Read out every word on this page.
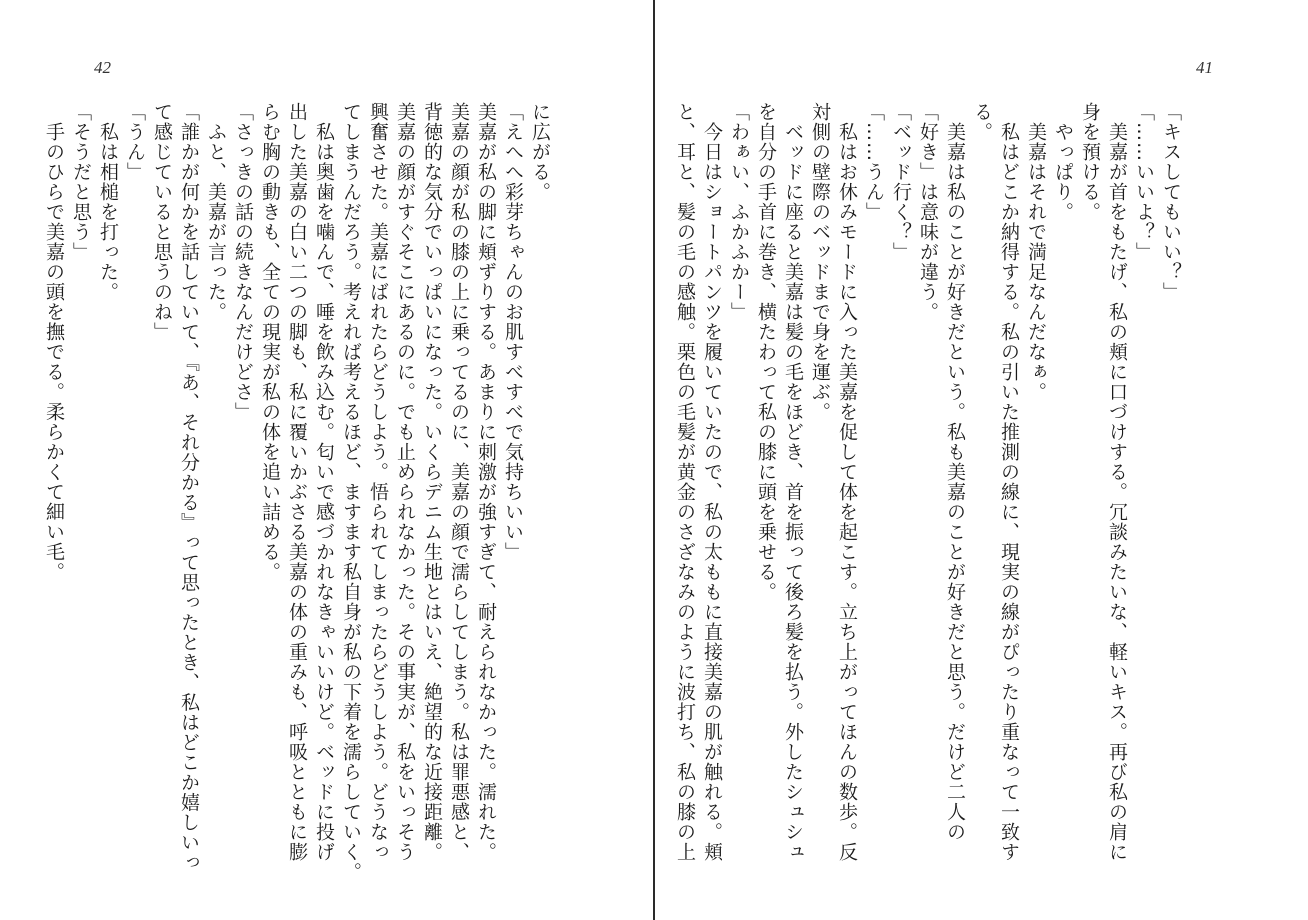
42
に広がる。
「えへへ彩芽ちゃんのお肌すべすべで気持ちいい」
美嘉が私の脚に頬ずりする。あまりに刺激が強すぎて、耐えられなかった。濡れた。
美嘉の顔が私の膝の上に乗ってるのに、美嘉の顔で濡らしてしまう。私は罪悪感と、
背徳的な気分でいっぱいになった。いくらデニム生地とはいえ、絶望的な近接距離。
美嘉の顔がすぐそこにあるのに。でも止められなかった。その事実が、私をいっそう
興奮させた。美嘉にばれたらどうしよう。悟られてしまったらどうしよう。どうなっ
てしまうんだろう。考えれば考えるほど、ますます私自身が私の下着を濡らしていく。
　私は奥歯を噛んで、唾を飲み込む。匂いで感づかれなきゃいいけど。ベッドに投げ
出した美嘉の白い二つの脚も、私に覆いかぶさる美嘉の体の重みも、呼吸とともに膨
らむ胸の動きも、全ての現実が私の体を追い詰める。
「さっきの話の続きなんだけどさ」
　ふと、美嘉が言った。
「誰かが何かを話していて、『あ、それ分かる』って思ったとき、私はどこか嬉しいっ
て感じていると思うのね」
「うん」
　私は相槌を打った。
「そうだと思う」
　手のひらで美嘉の頭を撫でる。柔らかくて細い毛。
41
「キスしてもいい？」
「……いいよ？」
　美嘉が首をもたげ、私の頬に口づけする。冗談みたいな、軽いキス。再び私の肩に
身を預ける。
　やっぱり。
　美嘉はそれで満足なんだなぁ。
　私はどこか納得する。私の引いた推測の線に、現実の線がぴったり重なって一致す
る。
　美嘉は私のことが好きだという。私も美嘉のことが好きだと思う。だけど二人の
「好き」は意味が違う。
「ベッド行く？」
「……うん」
　私はお休みモードに入った美嘉を促して体を起こす。立ち上がってほんの数歩。反
対側の壁際のベッドまで身を運ぶ。
　ベッドに座ると美嘉は髪の毛をほどき、首を振って後ろ髪を払う。外したシュシュ
を自分の手首に巻き、横たわって私の膝に頭を乗せる。
「わぁい、ふかふかー」
　今日はショートパンツを履いていたので、私の太ももに直接美嘉の肌が触れる。頬
と、耳と、髪の毛の感触。栗色の毛髪が黄金のさざなみのように波打ち、私の膝の上
